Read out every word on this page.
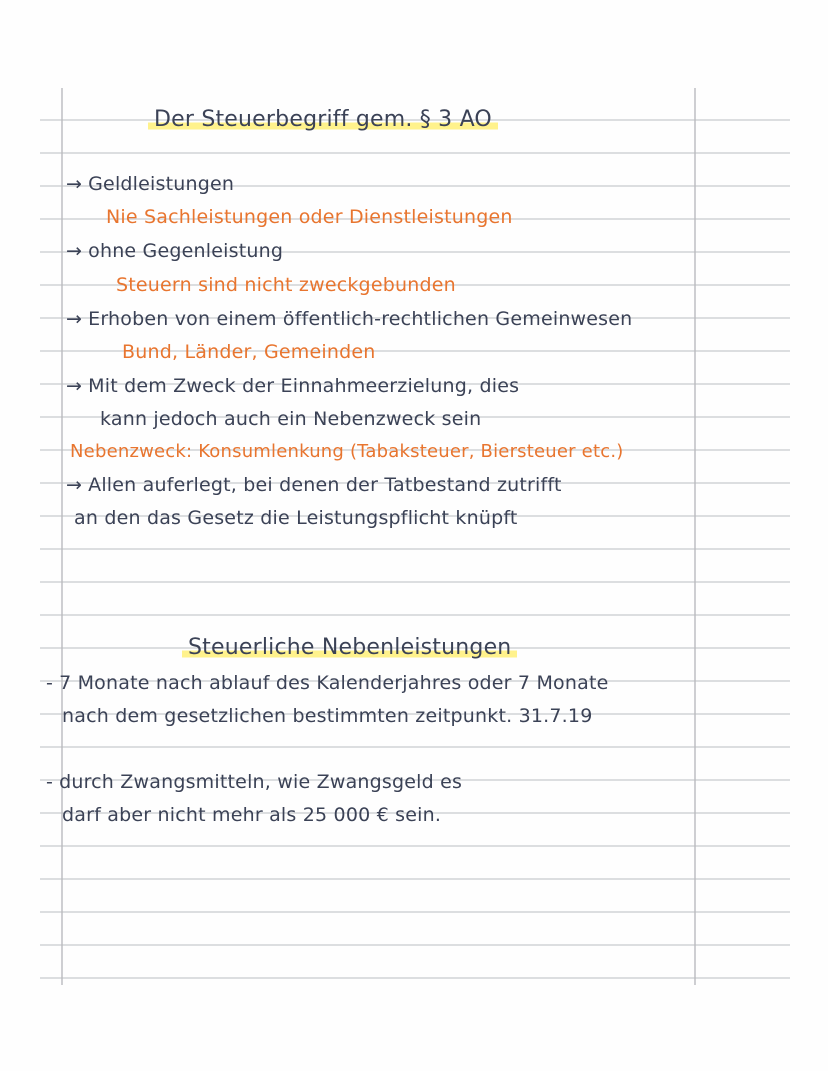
Der Steuerbegriff gem. § 3 AO
→ Geldleistungen
Nie Sachleistungen oder Dienstleistungen
→ ohne Gegenleistung
Steuern sind nicht zweckgebunden
→ Erhoben von einem öffentlich-rechtlichen Gemeinwesen
Bund, Länder, Gemeinden
→ Mit dem Zweck der Einnahmeerzielung, dies
kann jedoch auch ein Nebenzweck sein
Nebenzweck: Konsumlenkung (Tabaksteuer, Biersteuer etc.)
→ Allen auferlegt, bei denen der Tatbestand zutrifft
an den das Gesetz die Leistungspflicht knüpft
Steuerliche Nebenleistungen
- 7 Monate nach ablauf des Kalenderjahres oder 7 Monate
nach dem gesetzlichen bestimmten zeitpunkt. 31.7.19
- durch Zwangsmitteln, wie Zwangsgeld es
darf aber nicht mehr als 25 000 € sein.
